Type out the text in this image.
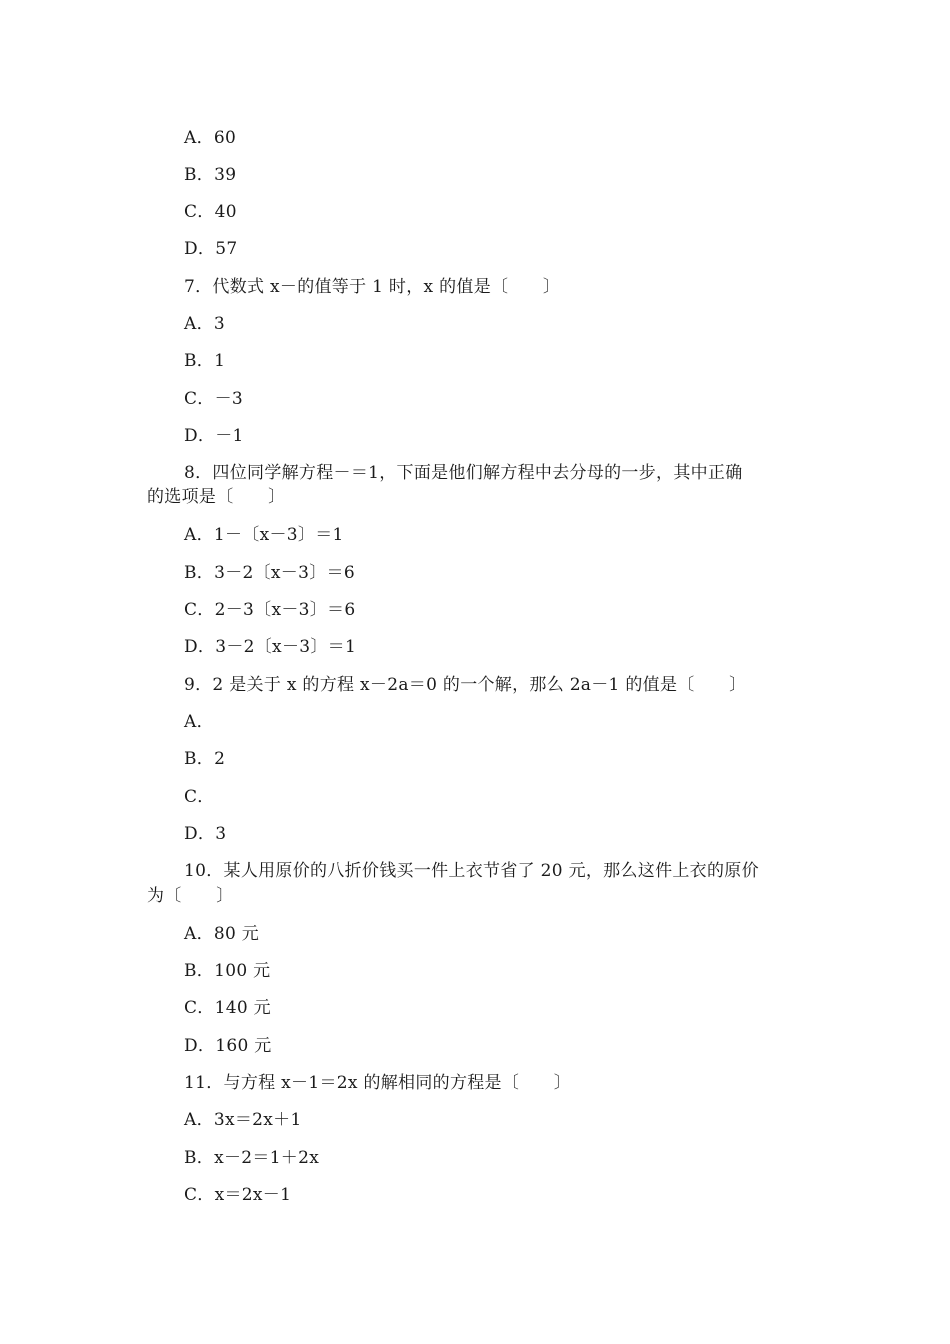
A．60
B．39
C．40
D．57
7．代数式 x－的值等于 1 时，x 的值是〔　　〕
A．3
B．1
C．－3
D．－1
8．四位同学解方程－＝1，下面是他们解方程中去分母的一步，其中正确
的选项是〔　　〕
A．1－〔x－3〕＝1
B．3－2〔x－3〕＝6
C．2－3〔x－3〕＝6
D．3－2〔x－3〕＝1
9．2 是关于 x 的方程 x－2a＝0 的一个解，那么 2a－1 的值是〔　　〕
A．
B．2
C．
D．3
10．某人用原价的八折价钱买一件上衣节省了 20 元，那么这件上衣的原价
为〔　　〕
A．80 元
B．100 元
C．140 元
D．160 元
11．与方程 x－1＝2x 的解相同的方程是〔　　〕
A．3x＝2x＋1
B．x－2＝1＋2x
C．x＝2x－1
